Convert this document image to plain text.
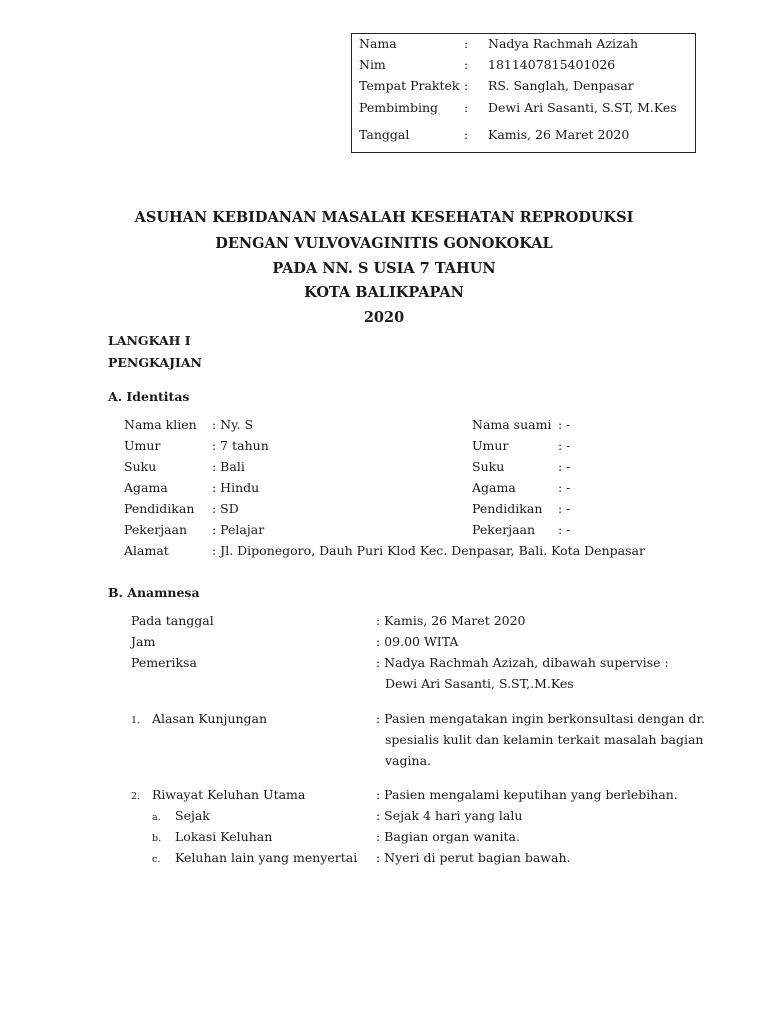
Nama	: Nadya Rachmah Azizah
Nim	: 1811407815401026
Tempat Praktek : RS. Sanglah, Denpasar
Pembimbing : Dewi Ari Sasanti, S.ST, M.Kes
Tanggal	: Kamis, 26 Maret 2020
ASUHAN KEBIDANAN MASALAH KESEHATAN REPRODUKSI
DENGAN VULVOVAGINITIS GONOKOKAL
PADA NN. S USIA 7 TAHUN
KOTA BALIKPAPAN
2020
LANGKAH I
PENGKAJIAN
A. Identitas
Nama klien : Ny. S	Nama suami : -
Umur	: 7 tahun	Umur	: -
Suku	: Bali	Suku	: -
Agama	: Hindu	Agama	: -
Pendidikan : SD	Pendidikan : -
Pekerjaan : Pelajar	Pekerjaan : -
Alamat	: Jl. Diponegoro, Dauh Puri Klod Kec. Denpasar, Bali. Kota Denpasar
B. Anamnesa
Pada tanggal	: Kamis, 26 Maret 2020
Jam	: 09.00 WITA
Pemeriksa	: Nadya Rachmah Azizah, dibawah supervise :
Dewi Ari Sasanti, S.ST,.M.Kes
1. Alasan Kunjungan	: Pasien mengatakan ingin berkonsultasi dengan dr.
spesialis kulit dan kelamin terkait masalah bagian
vagina.
2. Riwayat Keluhan Utama	: Pasien mengalami keputihan yang berlebihan.
a. Sejak	: Sejak 4 hari yang lalu
b. Lokasi Keluhan	: Bagian organ wanita.
c. Keluhan lain yang menyertai : Nyeri di perut bagian bawah.
